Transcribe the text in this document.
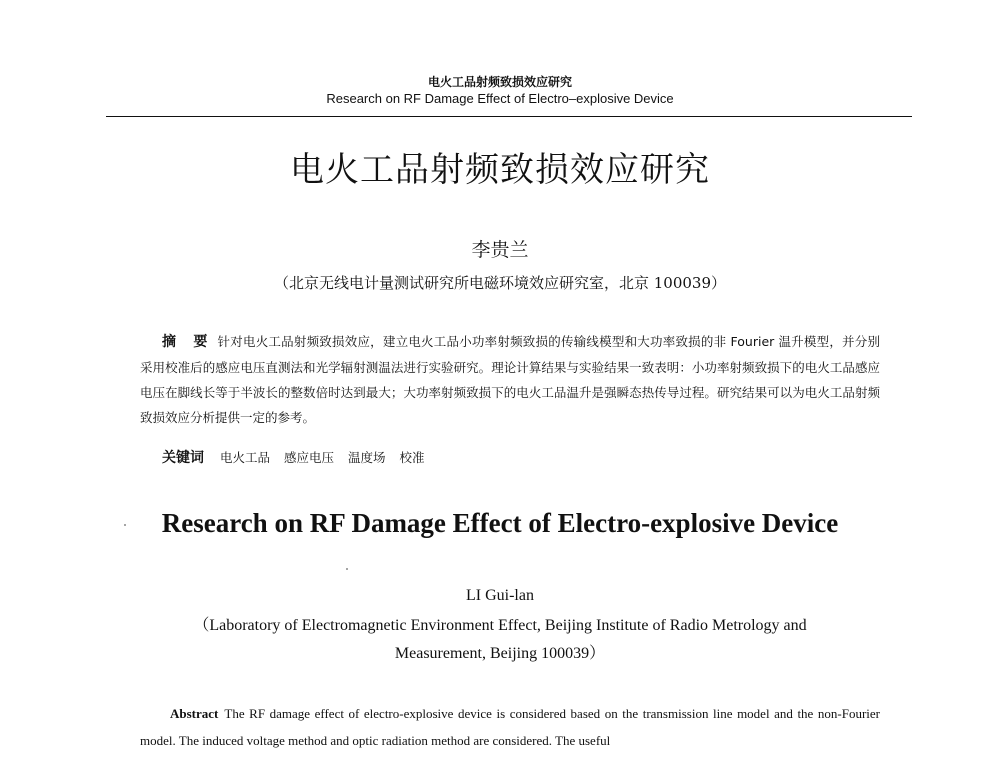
电火工品射频致损效应研究
Research on RF Damage Effect of Electro–explosive Device
电火工品射频致损效应研究
李贵兰
（北京无线电计量测试研究所电磁环境效应研究室，北京 100039）
摘 要 针对电火工品射频致损效应，建立电火工品小功率射频致损的传输线模型和大功率致损的非 Fourier 温升模型，并分别采用校准后的感应电压直测法和光学辐射测温法进行实验研究。理论计算结果与实验结果一致表明：小功率射频致损下的电火工品感应电压在脚线长等于半波长的整数倍时达到最大；大功率射频致损下的电火工品温升是强瞬态热传导过程。研究结果可以为电火工品射频致损效应分析提供一定的参考。
关键词 电火工品 感应电压 温度场 校准
Research on RF Damage Effect of Electro-explosive Device
LI Gui-lan
（Laboratory of Electromagnetic Environment Effect, Beijing Institute of Radio Metrology and Measurement, Beijing 100039）
Abstract The RF damage effect of electro-explosive device is considered based on the transmission line model and the non-Fourier model. The induced voltage method and optic radiation method are considered. The useful
